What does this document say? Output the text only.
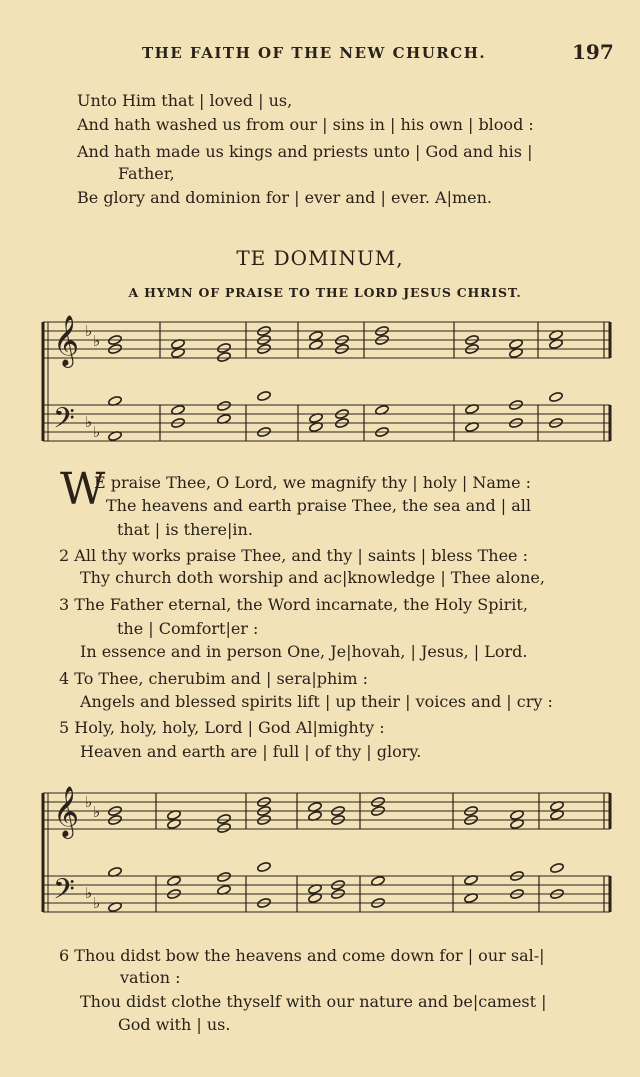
THE FAITH OF THE NEW CHURCH.	197
Unto Him that | loved | us,
And hath washed us from our | sins in | his own | blood :
And hath made us kings and priests unto | God and his |
Father,
Be glory and dominion for | ever and | ever. A|men.
TE DOMINUM,
A HYMN OF PRAISE TO THE LORD JESUS CHRIST.
𝄞
𝄢
♭
♭
♭
♭
𝄞
𝄢
♭
♭
♭
♭
W
E praise Thee, O Lord, we magnify thy | holy | Name :
The heavens and earth praise Thee, the sea and | all
that | is there|in.
2 All thy works praise Thee, and thy | saints | bless Thee :
Thy church doth worship and ac|knowledge | Thee alone,
3 The Father eternal, the Word incarnate, the Holy Spirit,
the | Comfort|er :
In essence and in person One, Je|hovah, | Jesus, | Lord.
4 To Thee, cherubim and | sera|phim :
Angels and blessed spirits lift | up their | voices and | cry :
5 Holy, holy, holy, Lord | God Al|mighty :
Heaven and earth are | full | of thy | glory.
6 Thou didst bow the heavens and come down for | our sal-|
vation :
Thou didst clothe thyself with our nature and be|camest |
God with | us.
